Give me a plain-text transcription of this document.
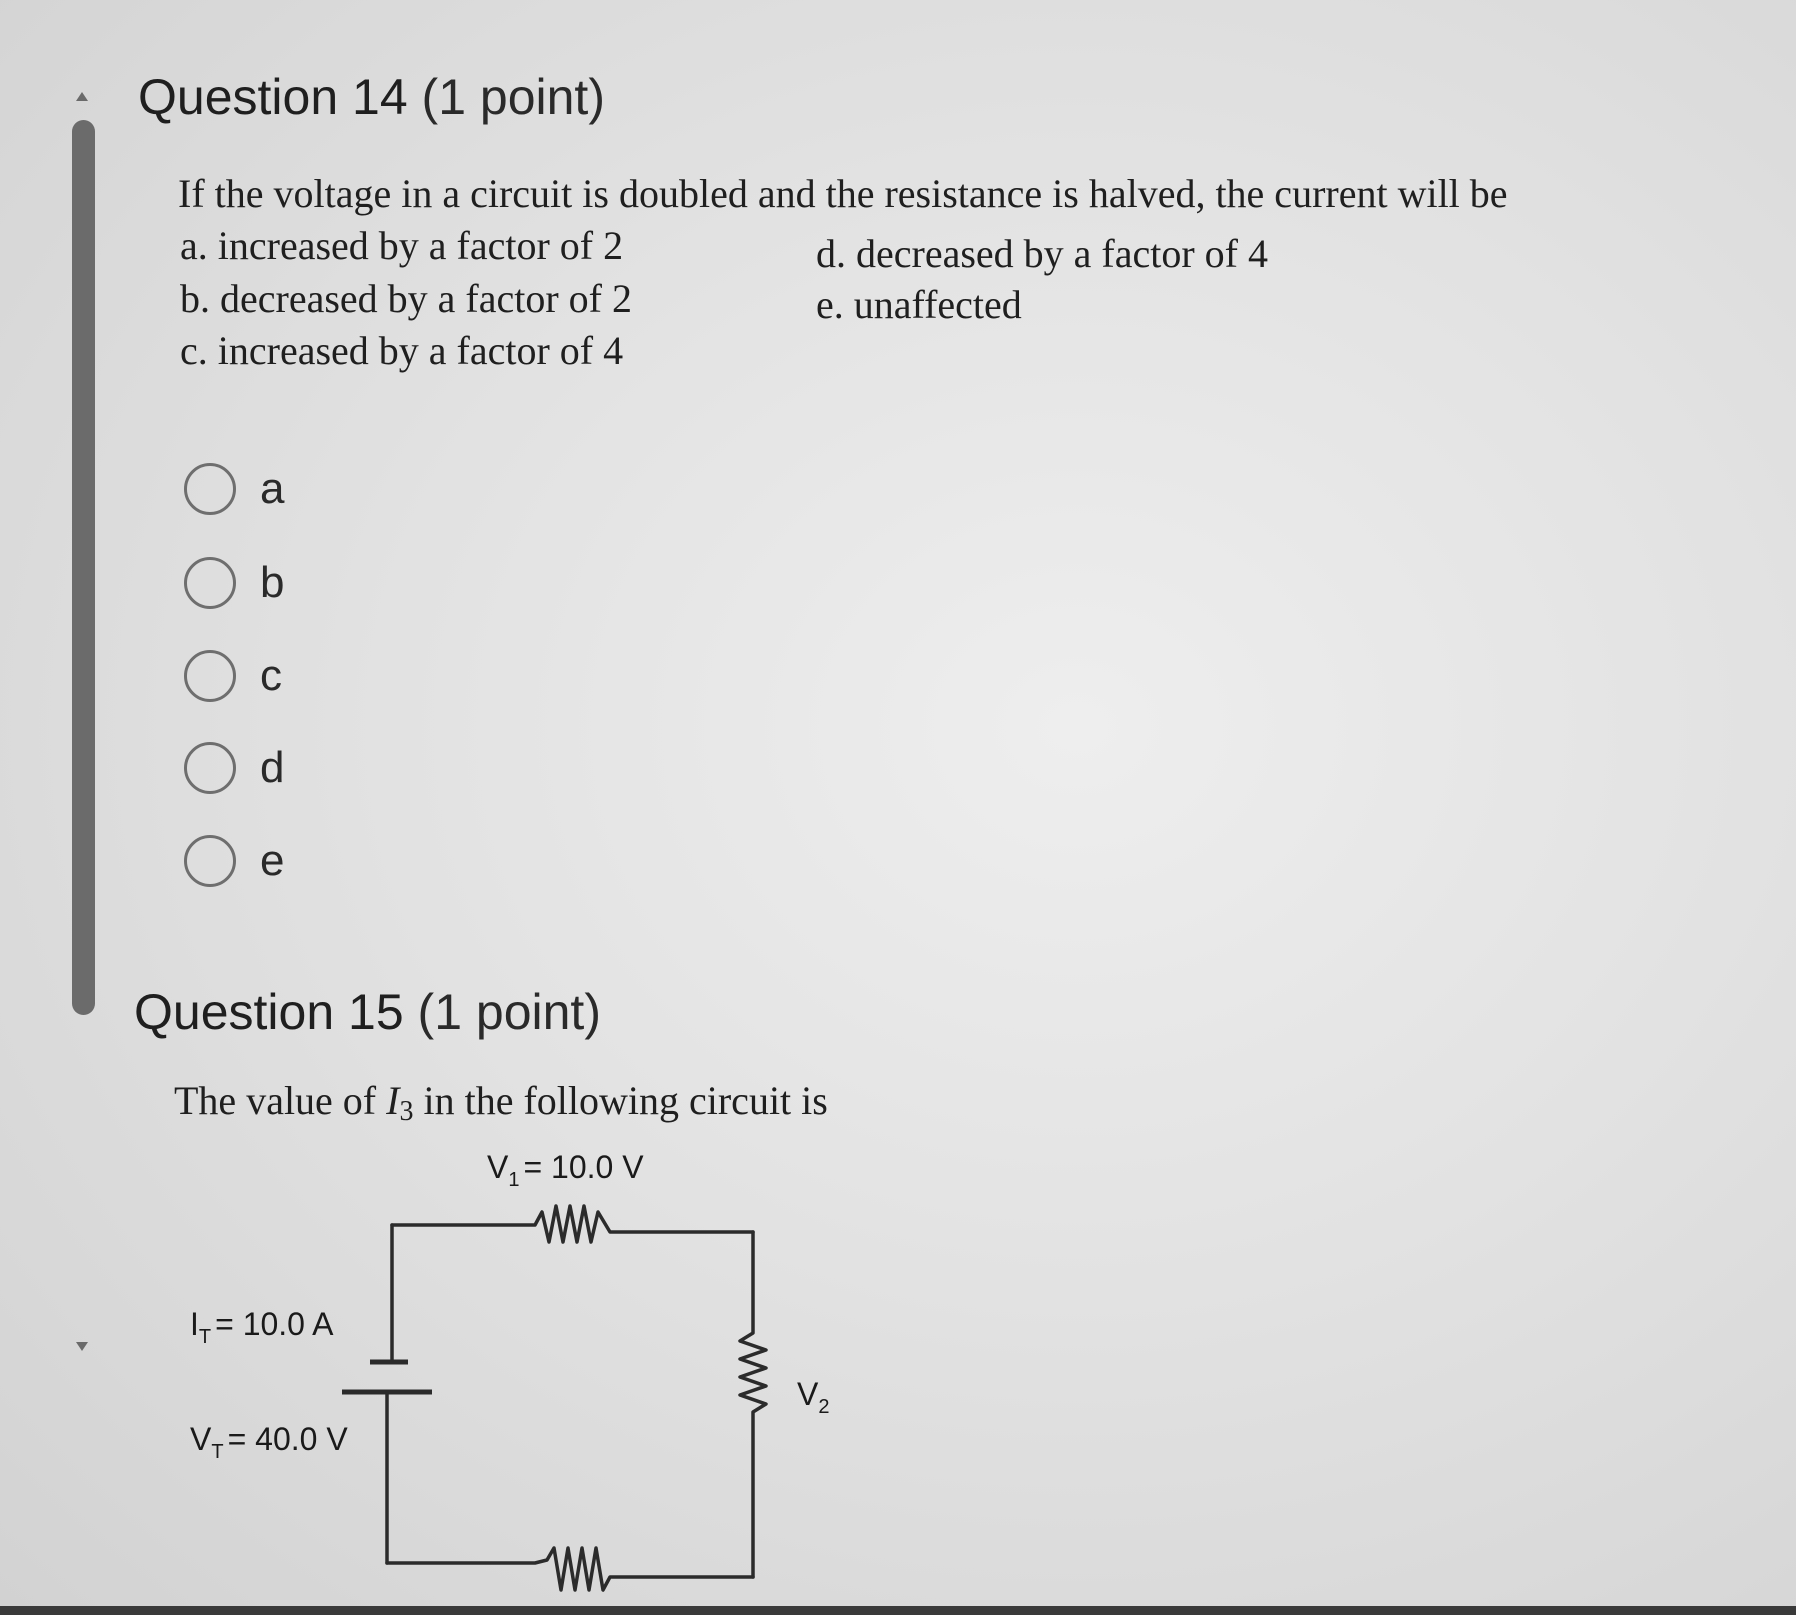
Question 14 (1 point)
If the voltage in a circuit is doubled and the resistance is halved, the current will be
a. increased by a factor of 2
b. decreased by a factor of 2
c. increased by a factor of 4
d. decreased by a factor of 4
e. unaffected
a
b
c
d
e
Question 15 (1 point)
The value of I3 in the following circuit is
$V_1 = 10.0$ V
$I_T = 10.0$ A
$V_T = 40.0$ V
$V_2$
